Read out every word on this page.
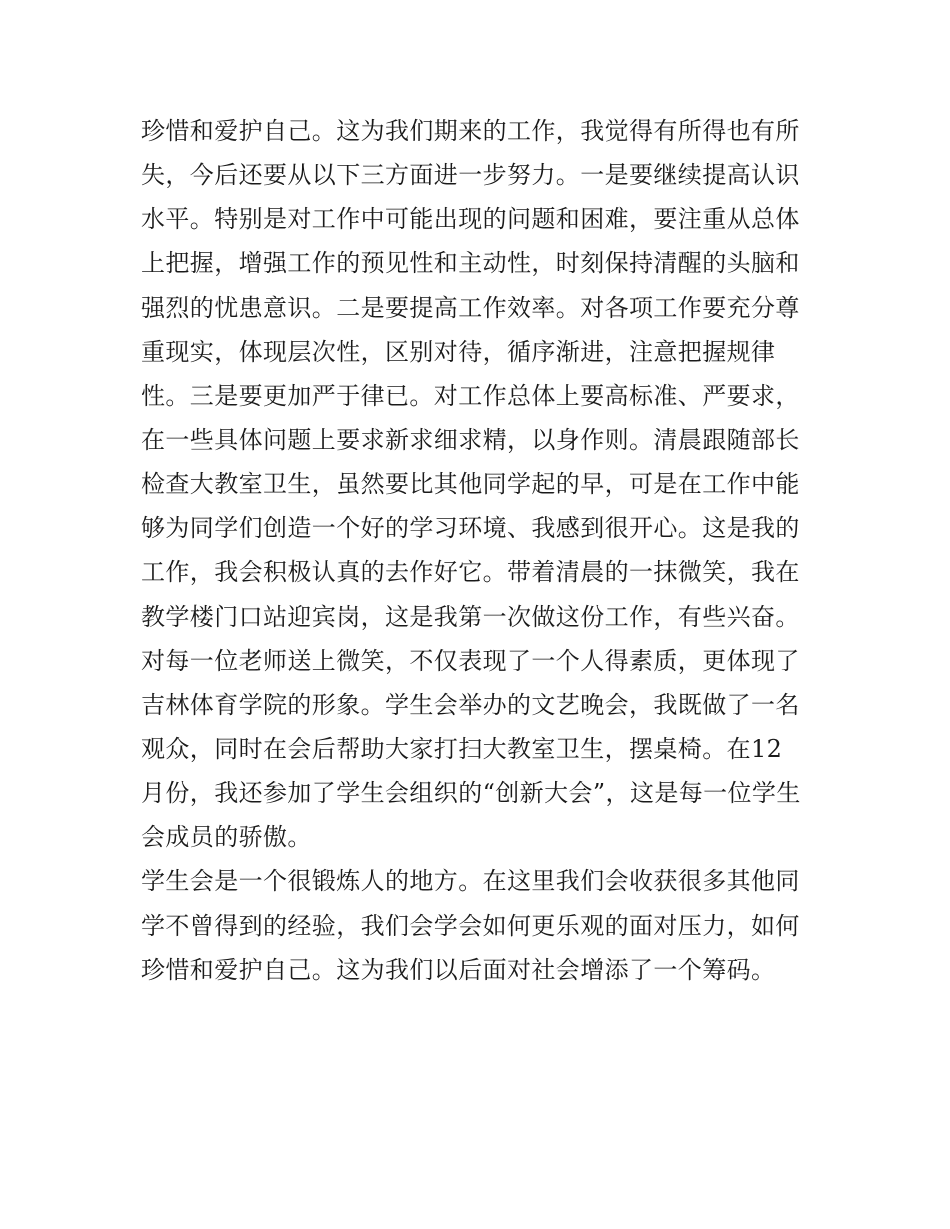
珍惜和爱护自己。这为我们期来的工作，我觉得有所得也有所
失，今后还要从以下三方面进一步努力。一是要继续提高认识
水平。特别是对工作中可能出现的问题和困难，要注重从总体
上把握，增强工作的预见性和主动性，时刻保持清醒的头脑和
强烈的忧患意识。二是要提高工作效率。对各项工作要充分尊
重现实，体现层次性，区别对待，循序渐进，注意把握规律
性。三是要更加严于律已。对工作总体上要高标准、严要求，
在一些具体问题上要求新求细求精，以身作则。清晨跟随部长
检查大教室卫生，虽然要比其他同学起的早，可是在工作中能
够为同学们创造一个好的学习环境、我感到很开心。这是我的
工作，我会积极认真的去作好它。带着清晨的一抹微笑，我在
教学楼门口站迎宾岗，这是我第一次做这份工作，有些兴奋。
对每一位老师送上微笑，不仅表现了一个人得素质，更体现了
吉林体育学院的形象。学生会举办的文艺晚会，我既做了一名
观众，同时在会后帮助大家打扫大教室卫生，摆桌椅。在12
月份，我还参加了学生会组织的“创新大会”，这是每一位学生
会成员的骄傲。
学生会是一个很锻炼人的地方。在这里我们会收获很多其他同
学不曾得到的经验，我们会学会如何更乐观的面对压力，如何
珍惜和爱护自己。这为我们以后面对社会增添了一个筹码。
